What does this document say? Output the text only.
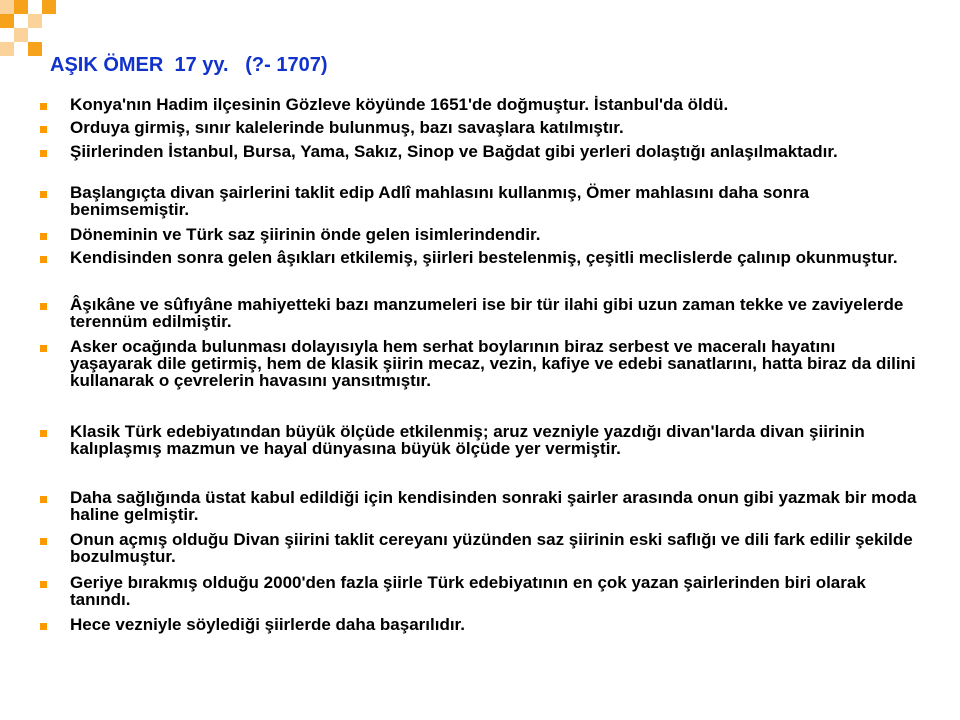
AŞIK ÖMER  17 yy.   (?- 1707)
Konya'nın Hadim ilçesinin Gözleve köyünde 1651'de doğmuştur. İstanbul'da öldü.
Orduya girmiş, sınır kalelerinde bulunmuş, bazı savaşlara katılmıştır.
Şiirlerinden İstanbul, Bursa, Yama, Sakız, Sinop ve Bağdat gibi yerleri dolaştığı anlaşılmaktadır.
Başlangıçta divan şairlerini taklit edip Adlî mahlasını kullanmış, Ömer mahlasını daha sonra benimsemiştir.
Döneminin ve Türk saz şiirinin önde gelen isimlerindendir.
Kendisinden sonra gelen âşıkları etkilemiş, şiirleri bestelenmiş, çeşitli meclislerde çalınıp okunmuştur.
Âşıkâne ve sûfıyâne mahiyetteki bazı manzumeleri ise bir tür ilahi gibi uzun zaman tekke ve zaviyelerde terennüm edilmiştir.
Asker ocağında bulunması dolayısıyla hem serhat boylarının biraz serbest ve maceralı hayatını yaşayarak dile getirmiş, hem de klasik şiirin mecaz, vezin, kafiye ve edebi sanatlarını, hatta biraz da dilini kullanarak o çevrelerin havasını yansıtmıştır.
Klasik Türk edebiyatından büyük ölçüde etkilenmiş; aruz vezniyle yazdığı divan'larda divan şiirinin kalıplaşmış mazmun ve hayal dünyasına büyük ölçüde yer vermiştir.
Daha sağlığında üstat kabul edildiği için kendisinden sonraki şairler arasında onun gibi yazmak bir moda haline gelmiştir.
Onun açmış olduğu Divan şiirini taklit cereyanı yüzünden saz şiirinin eski saflığı ve dili fark edilir şekilde bozulmuştur.
Geriye bırakmış olduğu 2000'den fazla şiirle Türk edebiyatının en çok yazan şairlerinden biri olarak tanındı.
Hece vezniyle söylediği şiirlerde daha başarılıdır.
